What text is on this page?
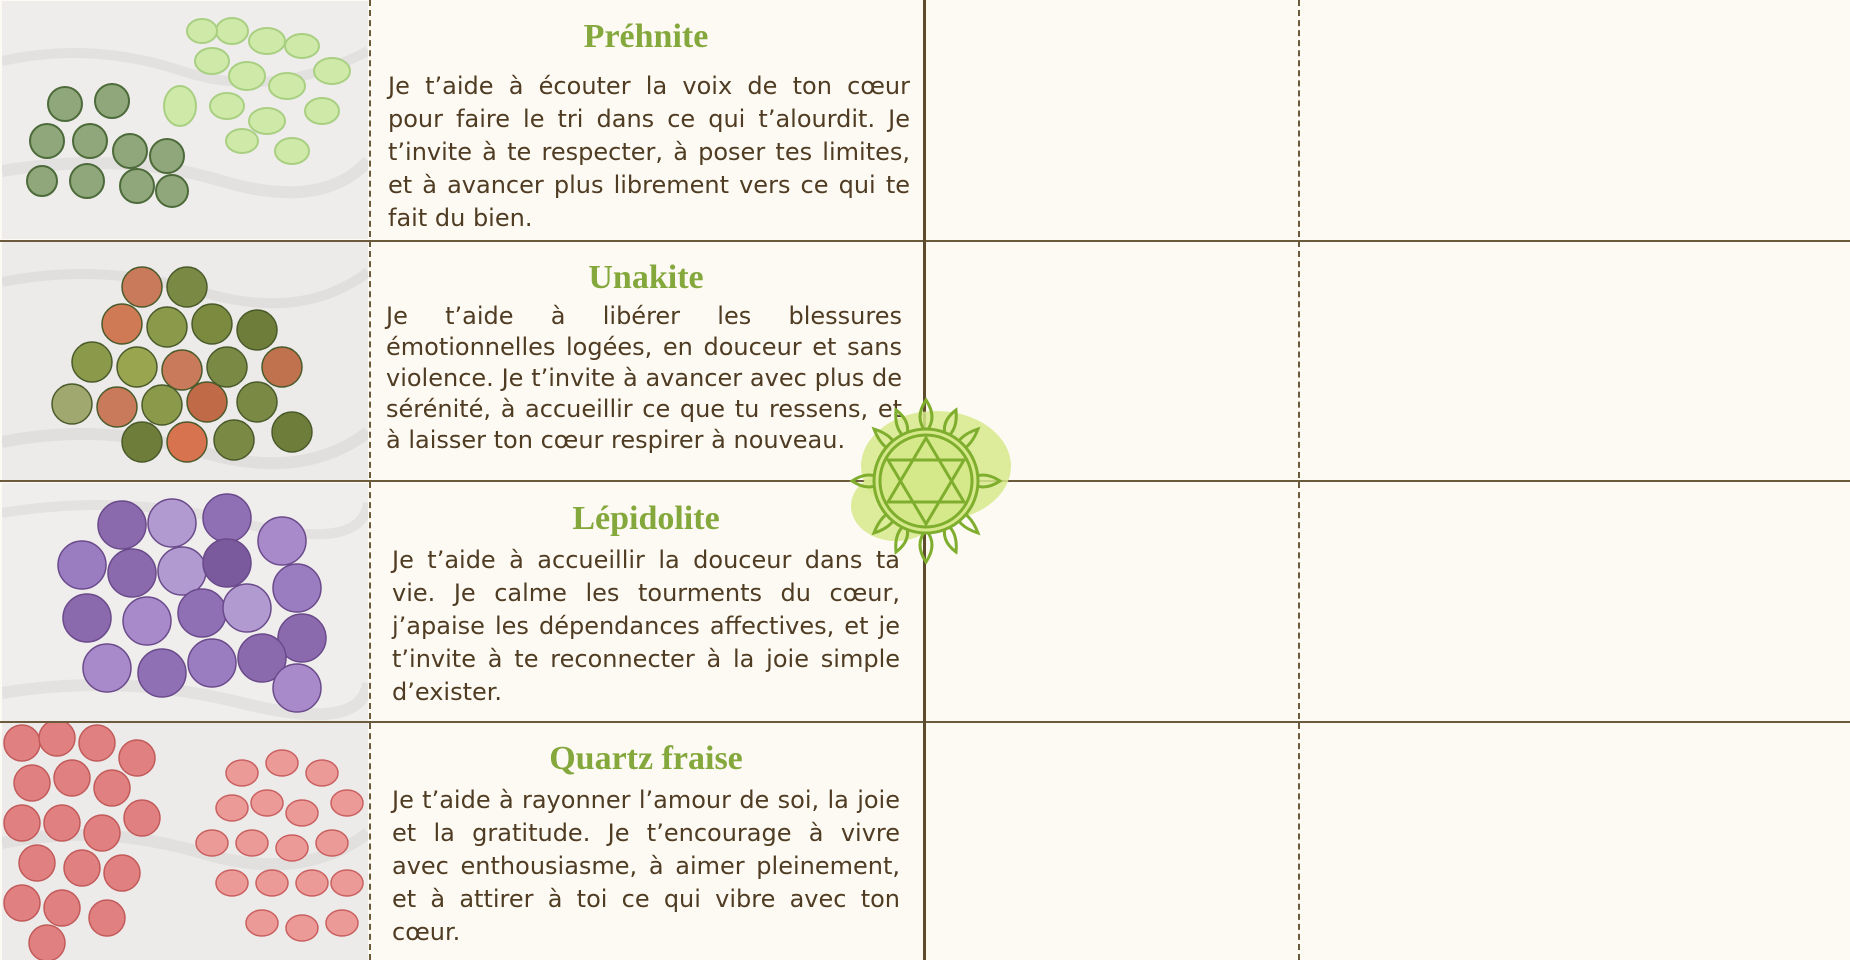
Préhnite

Je t’aide à écouter la voix de ton cœur pour faire le tri dans ce qui t’alourdit. Je t’invite à te respecter, à poser tes limites, et à avancer plus librement vers ce qui te fait du bien.

Unakite

Je t’aide à libérer les blessures émotionnelles logées, en douceur et sans violence. Je t’invite à avancer avec plus de sérénité, à accueillir ce que tu ressens, et à laisser ton cœur respirer à nouveau.

Lépidolite

Je t’aide à accueillir la douceur dans ta vie. Je calme les tourments du cœur, j’apaise les dépendances affectives, et je t’invite à te reconnecter à la joie simple d’exister.

Quartz fraise

Je t’aide à rayonner l’amour de soi, la joie et la gratitude. Je t’encourage à vivre avec enthousiasme, à aimer pleinement, et à attirer à toi ce qui vibre avec ton cœur.
